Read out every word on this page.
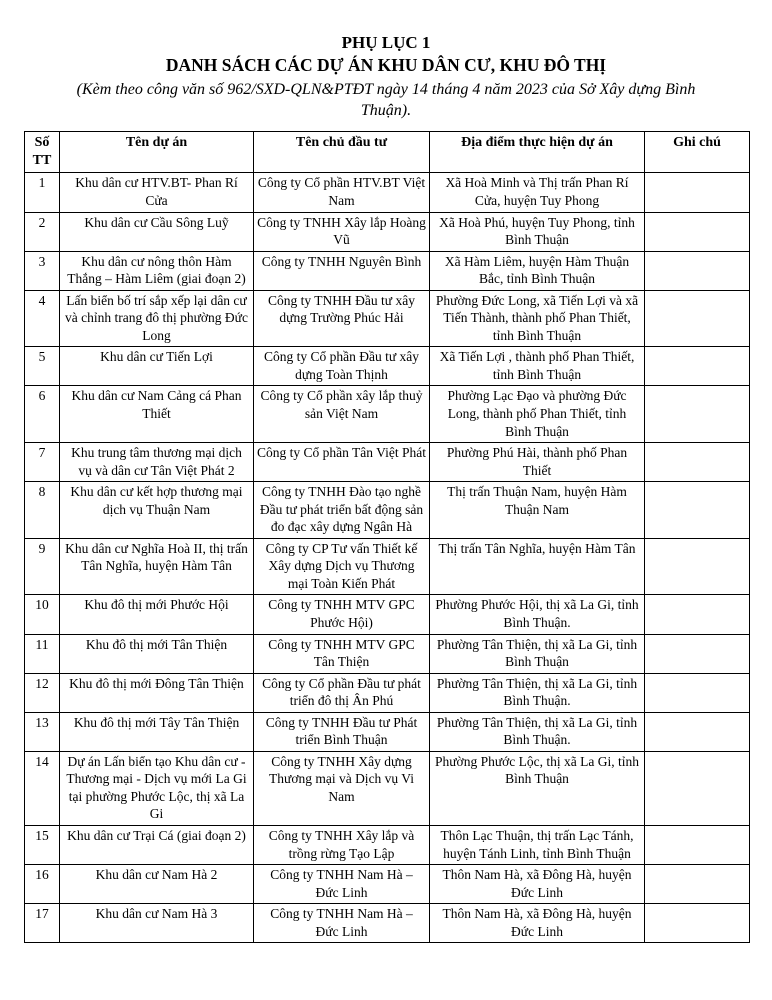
PHỤ LỤC 1
DANH SÁCH CÁC DỰ ÁN KHU DÂN CƯ, KHU ĐÔ THỊ
(Kèm theo công văn số 962/SXD-QLN&PTĐT ngày 14 tháng 4 năm 2023 của Sở Xây dựng Bình Thuận).
Số TT	Tên dự án	Tên chủ đầu tư	Địa điểm thực hiện dự án	Ghi chú
1	Khu dân cư HTV.BT- Phan Rí Cửa	Công ty Cổ phần HTV.BT Việt Nam	Xã Hoà Minh và Thị trấn Phan Rí Cửa, huyện Tuy Phong	
2	Khu dân cư Cầu Sông Luỹ	Công ty TNHH Xây lắp Hoàng Vũ	Xã Hoà Phú, huyện Tuy Phong, tỉnh Bình Thuận	
3	Khu dân cư nông thôn Hàm Thắng – Hàm Liêm (giai đoạn 2)	Công ty TNHH Nguyên Bình	Xã Hàm Liêm, huyện Hàm Thuận Bắc, tỉnh Bình Thuận	
4	Lấn biển bố trí sắp xếp lại dân cư và chỉnh trang đô thị phường Đức Long	Công ty TNHH Đầu tư xây dựng Trường Phúc Hải	Phường Đức Long, xã Tiến Lợi và xã Tiến Thành, thành phố Phan Thiết, tỉnh Bình Thuận	
5	Khu dân cư Tiến Lợi	Công ty Cổ phần Đầu tư xây dựng Toàn Thịnh	Xã Tiến Lợi , thành phố Phan Thiết, tỉnh Bình Thuận	
6	Khu dân cư Nam Cảng cá Phan Thiết	Công ty Cổ phần xây lắp thuỷ sản Việt Nam	Phường Lạc Đạo và phường Đức Long, thành phố Phan Thiết, tỉnh Bình Thuận	
7	Khu trung tâm thương mại dịch vụ và dân cư Tân Việt Phát 2	Công ty Cổ phần Tân Việt Phát	Phường Phú Hài, thành phố Phan Thiết	
8	Khu dân cư kết hợp thương mại dịch vụ Thuận Nam	Công ty TNHH Đào tạo nghề Đầu tư phát triển bất động sản đo đạc xây dựng Ngân Hà	Thị trấn Thuận Nam, huyện Hàm Thuận Nam	
9	Khu dân cư Nghĩa Hoà II, thị trấn Tân Nghĩa, huyện Hàm Tân	Công ty CP Tư vấn Thiết kế Xây dựng Dịch vụ Thương mại Toàn Kiến Phát	Thị trấn Tân Nghĩa, huyện Hàm Tân	
10	Khu đô thị mới Phước Hội	Công ty TNHH MTV GPC Phước Hội)	Phường Phước Hội, thị xã La Gi, tỉnh Bình Thuận.	
11	Khu đô thị mới Tân Thiện	Công ty TNHH MTV GPC Tân Thiện	Phường Tân Thiện, thị xã La Gi, tỉnh Bình Thuận	
12	Khu đô thị mới Đông Tân Thiện	Công ty Cổ phần Đầu tư phát triển đô thị Ân Phú	Phường Tân Thiện, thị xã La Gi, tỉnh Bình Thuận.	
13	Khu đô thị mới Tây Tân Thiện	Công ty TNHH Đầu tư Phát triển Bình Thuận	Phường Tân Thiện, thị xã La Gi, tỉnh Bình Thuận.	
14	Dự án Lấn biển tạo Khu dân cư - Thương mại - Dịch vụ mới La Gi tại phường Phước Lộc, thị xã La Gi	Công ty TNHH Xây dựng Thương mại và Dịch vụ Vi Nam	Phường Phước Lộc, thị xã La Gi, tỉnh Bình Thuận	
15	Khu dân cư Trại Cá (giai đoạn 2)	Công ty TNHH Xây lắp và trồng rừng Tạo Lập	Thôn Lạc Thuận, thị trấn Lạc Tánh, huyện Tánh Linh, tỉnh Bình Thuận	
16	Khu dân cư Nam Hà 2	Công ty TNHH Nam Hà – Đức Linh	Thôn Nam Hà, xã Đông Hà, huyện Đức Linh	
17	Khu dân cư Nam Hà 3	Công ty TNHH Nam Hà – Đức Linh	Thôn Nam Hà, xã Đông Hà, huyện Đức Linh	
